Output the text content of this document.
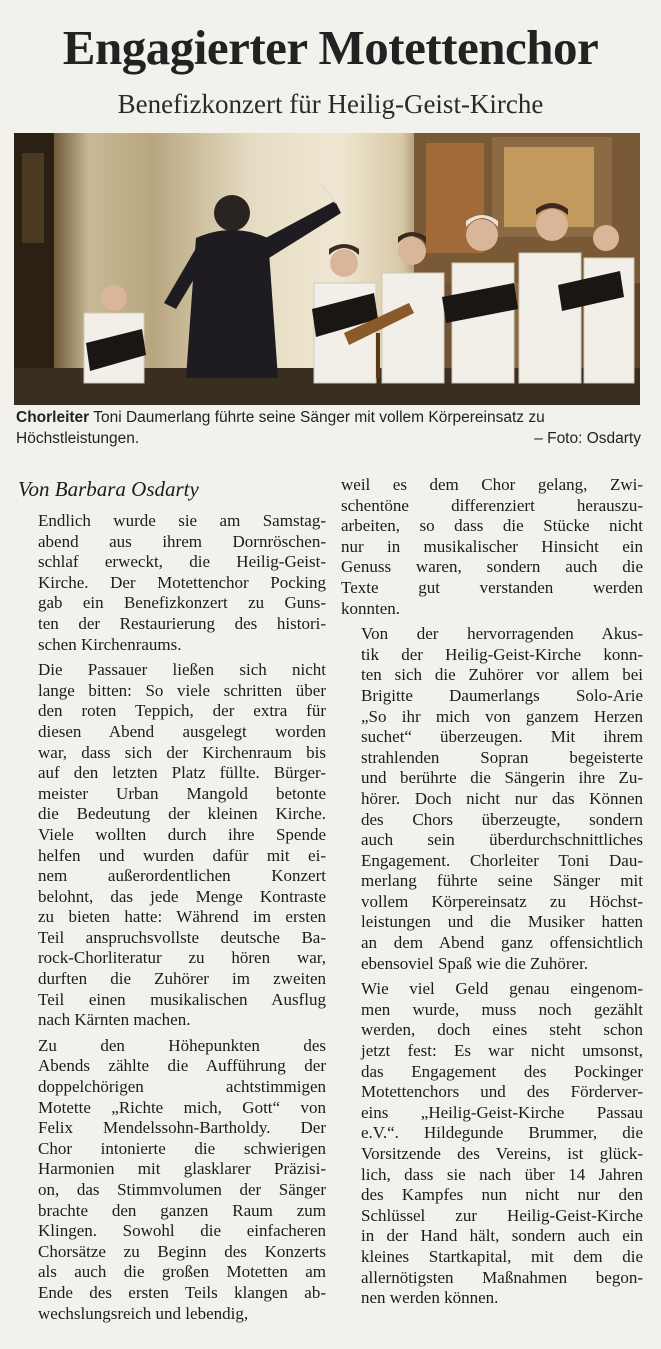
Engagierter Motettenchor
Benefizkonzert für Heilig-Geist-Kirche
Chorleiter Toni Daumerlang führte seine Sänger mit vollem Körpereinsatz zu Höchstleistungen.	– Foto: Osdarty
Von Barbara Osdarty

Endlich wurde sie am Samstag-
abend aus ihrem Dornröschen-
schlaf erweckt, die Heilig-Geist-
Kirche. Der Motettenchor Pocking
gab ein Benefizkonzert zu Guns-
ten der Restaurierung des histori-
schen Kirchenraums.

Die Passauer ließen sich nicht
lange bitten: So viele schritten über
den roten Teppich, der extra für
diesen Abend ausgelegt worden
war, dass sich der Kirchenraum bis
auf den letzten Platz füllte. Bürger-
meister Urban Mangold betonte
die Bedeutung der kleinen Kirche.
Viele wollten durch ihre Spende
helfen und wurden dafür mit ei-
nem außerordentlichen Konzert
belohnt, das jede Menge Kontraste
zu bieten hatte: Während im ersten
Teil anspruchsvollste deutsche Ba-
rock-Chorliteratur zu hören war,
durften die Zuhörer im zweiten
Teil einen musikalischen Ausflug
nach Kärnten machen.

Zu den Höhepunkten des
Abends zählte die Aufführung der
doppelchörigen achtstimmigen
Motette „Richte mich, Gott“ von
Felix Mendelssohn-Bartholdy. Der
Chor intonierte die schwierigen
Harmonien mit glasklarer Präzisi-
on, das Stimmvolumen der Sänger
brachte den ganzen Raum zum
Klingen. Sowohl die einfacheren
Chorsätze zu Beginn des Konzerts
als auch die großen Motetten am
Ende des ersten Teils klangen ab-
wechslungsreich und lebendig,

weil es dem Chor gelang, Zwi-
schentöne differenziert herauszu-
arbeiten, so dass die Stücke nicht
nur in musikalischer Hinsicht ein
Genuss waren, sondern auch die
Texte gut verstanden werden
konnten.

Von der hervorragenden Akus-
tik der Heilig-Geist-Kirche konn-
ten sich die Zuhörer vor allem bei
Brigitte Daumerlangs Solo-Arie
„So ihr mich von ganzem Herzen
suchet“ überzeugen. Mit ihrem
strahlenden Sopran begeisterte
und berührte die Sängerin ihre Zu-
hörer. Doch nicht nur das Können
des Chors überzeugte, sondern
auch sein überdurchschnittliches
Engagement. Chorleiter Toni Dau-
merlang führte seine Sänger mit
vollem Körpereinsatz zu Höchst-
leistungen und die Musiker hatten
an dem Abend ganz offensichtlich
ebensoviel Spaß wie die Zuhörer.

Wie viel Geld genau eingenom-
men wurde, muss noch gezählt
werden, doch eines steht schon
jetzt fest: Es war nicht umsonst,
das Engagement des Pockinger
Motettenchors und des Förderver-
eins „Heilig-Geist-Kirche Passau
e.V.“. Hildegunde Brummer, die
Vorsitzende des Vereins, ist glück-
lich, dass sie nach über 14 Jahren
des Kampfes nun nicht nur den
Schlüssel zur Heilig-Geist-Kirche
in der Hand hält, sondern auch ein
kleines Startkapital, mit dem die
allernötigsten Maßnahmen begon-
nen werden können.
